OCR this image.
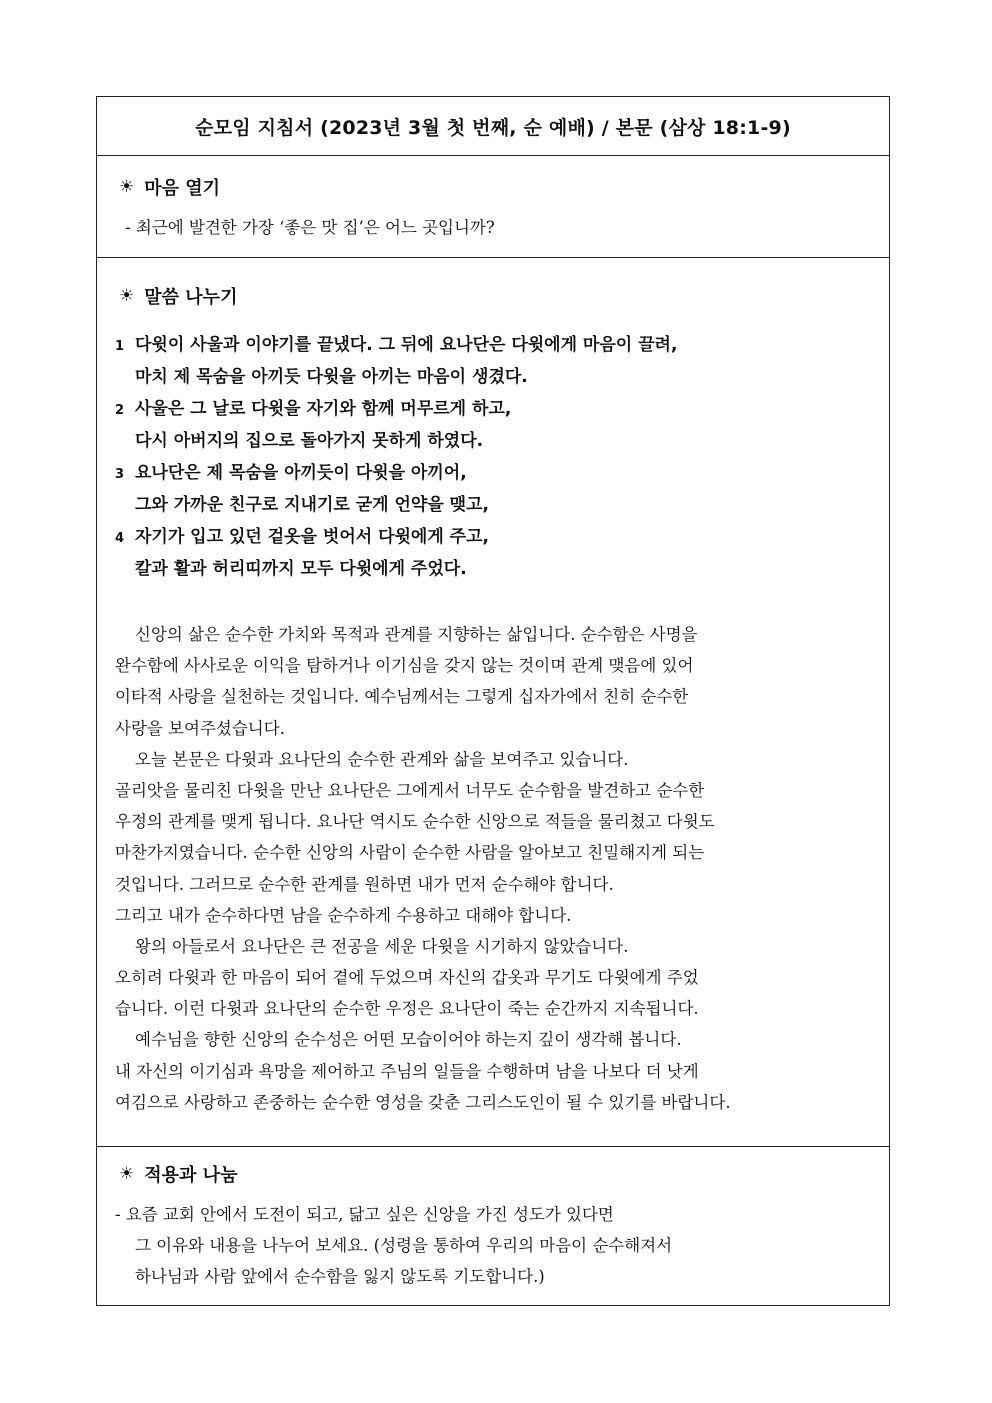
순모임 지침서 (2023년 3월 첫 번째, 순 예배) / 본문 (삼상 18:1-9)
☀ 마음 열기
- 최근에 발견한 가장 ‘좋은 맛 집’은 어느 곳입니까?
☀ 말씀 나누기
1 다윗이 사울과 이야기를 끝냈다. 그 뒤에 요나단은 다윗에게 마음이 끌려,
마치 제 목숨을 아끼듯 다윗을 아끼는 마음이 생겼다.
2 사울은 그 날로 다윗을 자기와 함께 머무르게 하고,
다시 아버지의 집으로 돌아가지 못하게 하였다.
3 요나단은 제 목숨을 아끼듯이 다윗을 아끼어,
그와 가까운 친구로 지내기로 굳게 언약을 맺고,
4 자기가 입고 있던 겉옷을 벗어서 다윗에게 주고,
칼과 활과 허리띠까지 모두 다윗에게 주었다.
신앙의 삶은 순수한 가치와 목적과 관계를 지향하는 삶입니다. 순수함은 사명을
완수함에 사사로운 이익을 탐하거나 이기심을 갖지 않는 것이며 관계 맺음에 있어
이타적 사랑을 실천하는 것입니다. 예수님께서는 그렇게 십자가에서 친히 순수한
사랑을 보여주셨습니다.
오늘 본문은 다윗과 요나단의 순수한 관계와 삶을 보여주고 있습니다.
골리앗을 물리친 다윗을 만난 요나단은 그에게서 너무도 순수함을 발견하고 순수한
우정의 관계를 맺게 됩니다. 요나단 역시도 순수한 신앙으로 적들을 물리쳤고 다윗도
마찬가지였습니다. 순수한 신앙의 사람이 순수한 사람을 알아보고 친밀해지게 되는
것입니다. 그러므로 순수한 관계를 원하면 내가 먼저 순수해야 합니다.
그리고 내가 순수하다면 남을 순수하게 수용하고 대해야 합니다.
왕의 아들로서 요나단은 큰 전공을 세운 다윗을 시기하지 않았습니다.
오히려 다윗과 한 마음이 되어 곁에 두었으며 자신의 갑옷과 무기도 다윗에게 주었
습니다. 이런 다윗과 요나단의 순수한 우정은 요나단이 죽는 순간까지 지속됩니다.
예수님을 향한 신앙의 순수성은 어떤 모습이어야 하는지 깊이 생각해 봅니다.
내 자신의 이기심과 욕망을 제어하고 주님의 일들을 수행하며 남을 나보다 더 낫게
여김으로 사랑하고 존중하는 순수한 영성을 갖춘 그리스도인이 될 수 있기를 바랍니다.
☀ 적용과 나눔
- 요즘 교회 안에서 도전이 되고, 닮고 싶은 신앙을 가진 성도가 있다면
그 이유와 내용을 나누어 보세요. (성령을 통하여 우리의 마음이 순수해져서
하나님과 사람 앞에서 순수함을 잃지 않도록 기도합니다.)
